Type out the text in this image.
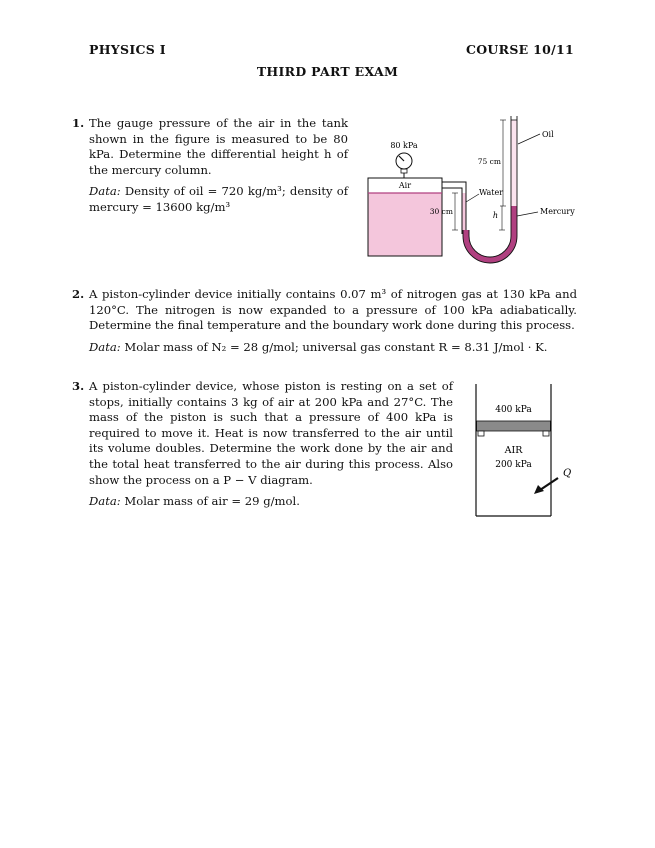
PHYSICS I	COURSE 10/11
THIRD PART EXAM
1. The gauge pressure of the air in the tank shown in the figure is measured to be 80 kPa. Determine the differential height h of the mercury column.

Data: Density of oil = 720 kg/m³; density of mercury = 13600 kg/m³

Air
80 kPa
75 cm
h
30 cm
Oil
Water
Mercury
2. A piston-cylinder device initially contains 0.07 m³ of nitrogen gas at 130 kPa and 120°C. The nitrogen is now expanded to a pressure of 100 kPa adiabatically. Determine the final temperature and the boundary work done during this process.

Data: Molar mass of N₂ = 28 g/mol; universal gas constant R = 8.31 J/mol · K.

3. A piston-cylinder device, whose piston is resting on a set of stops, initially contains 3 kg of air at 200 kPa and 27°C. The mass of the piston is such that a pressure of 400 kPa is required to move it. Heat is now transferred to the air until its volume doubles. Determine the work done by the air and the total heat transferred to the air during this process. Also show the process on a P − V diagram.

Data: Molar mass of air = 29 g/mol.

400 kPa
AIR
200 kPa
Q
